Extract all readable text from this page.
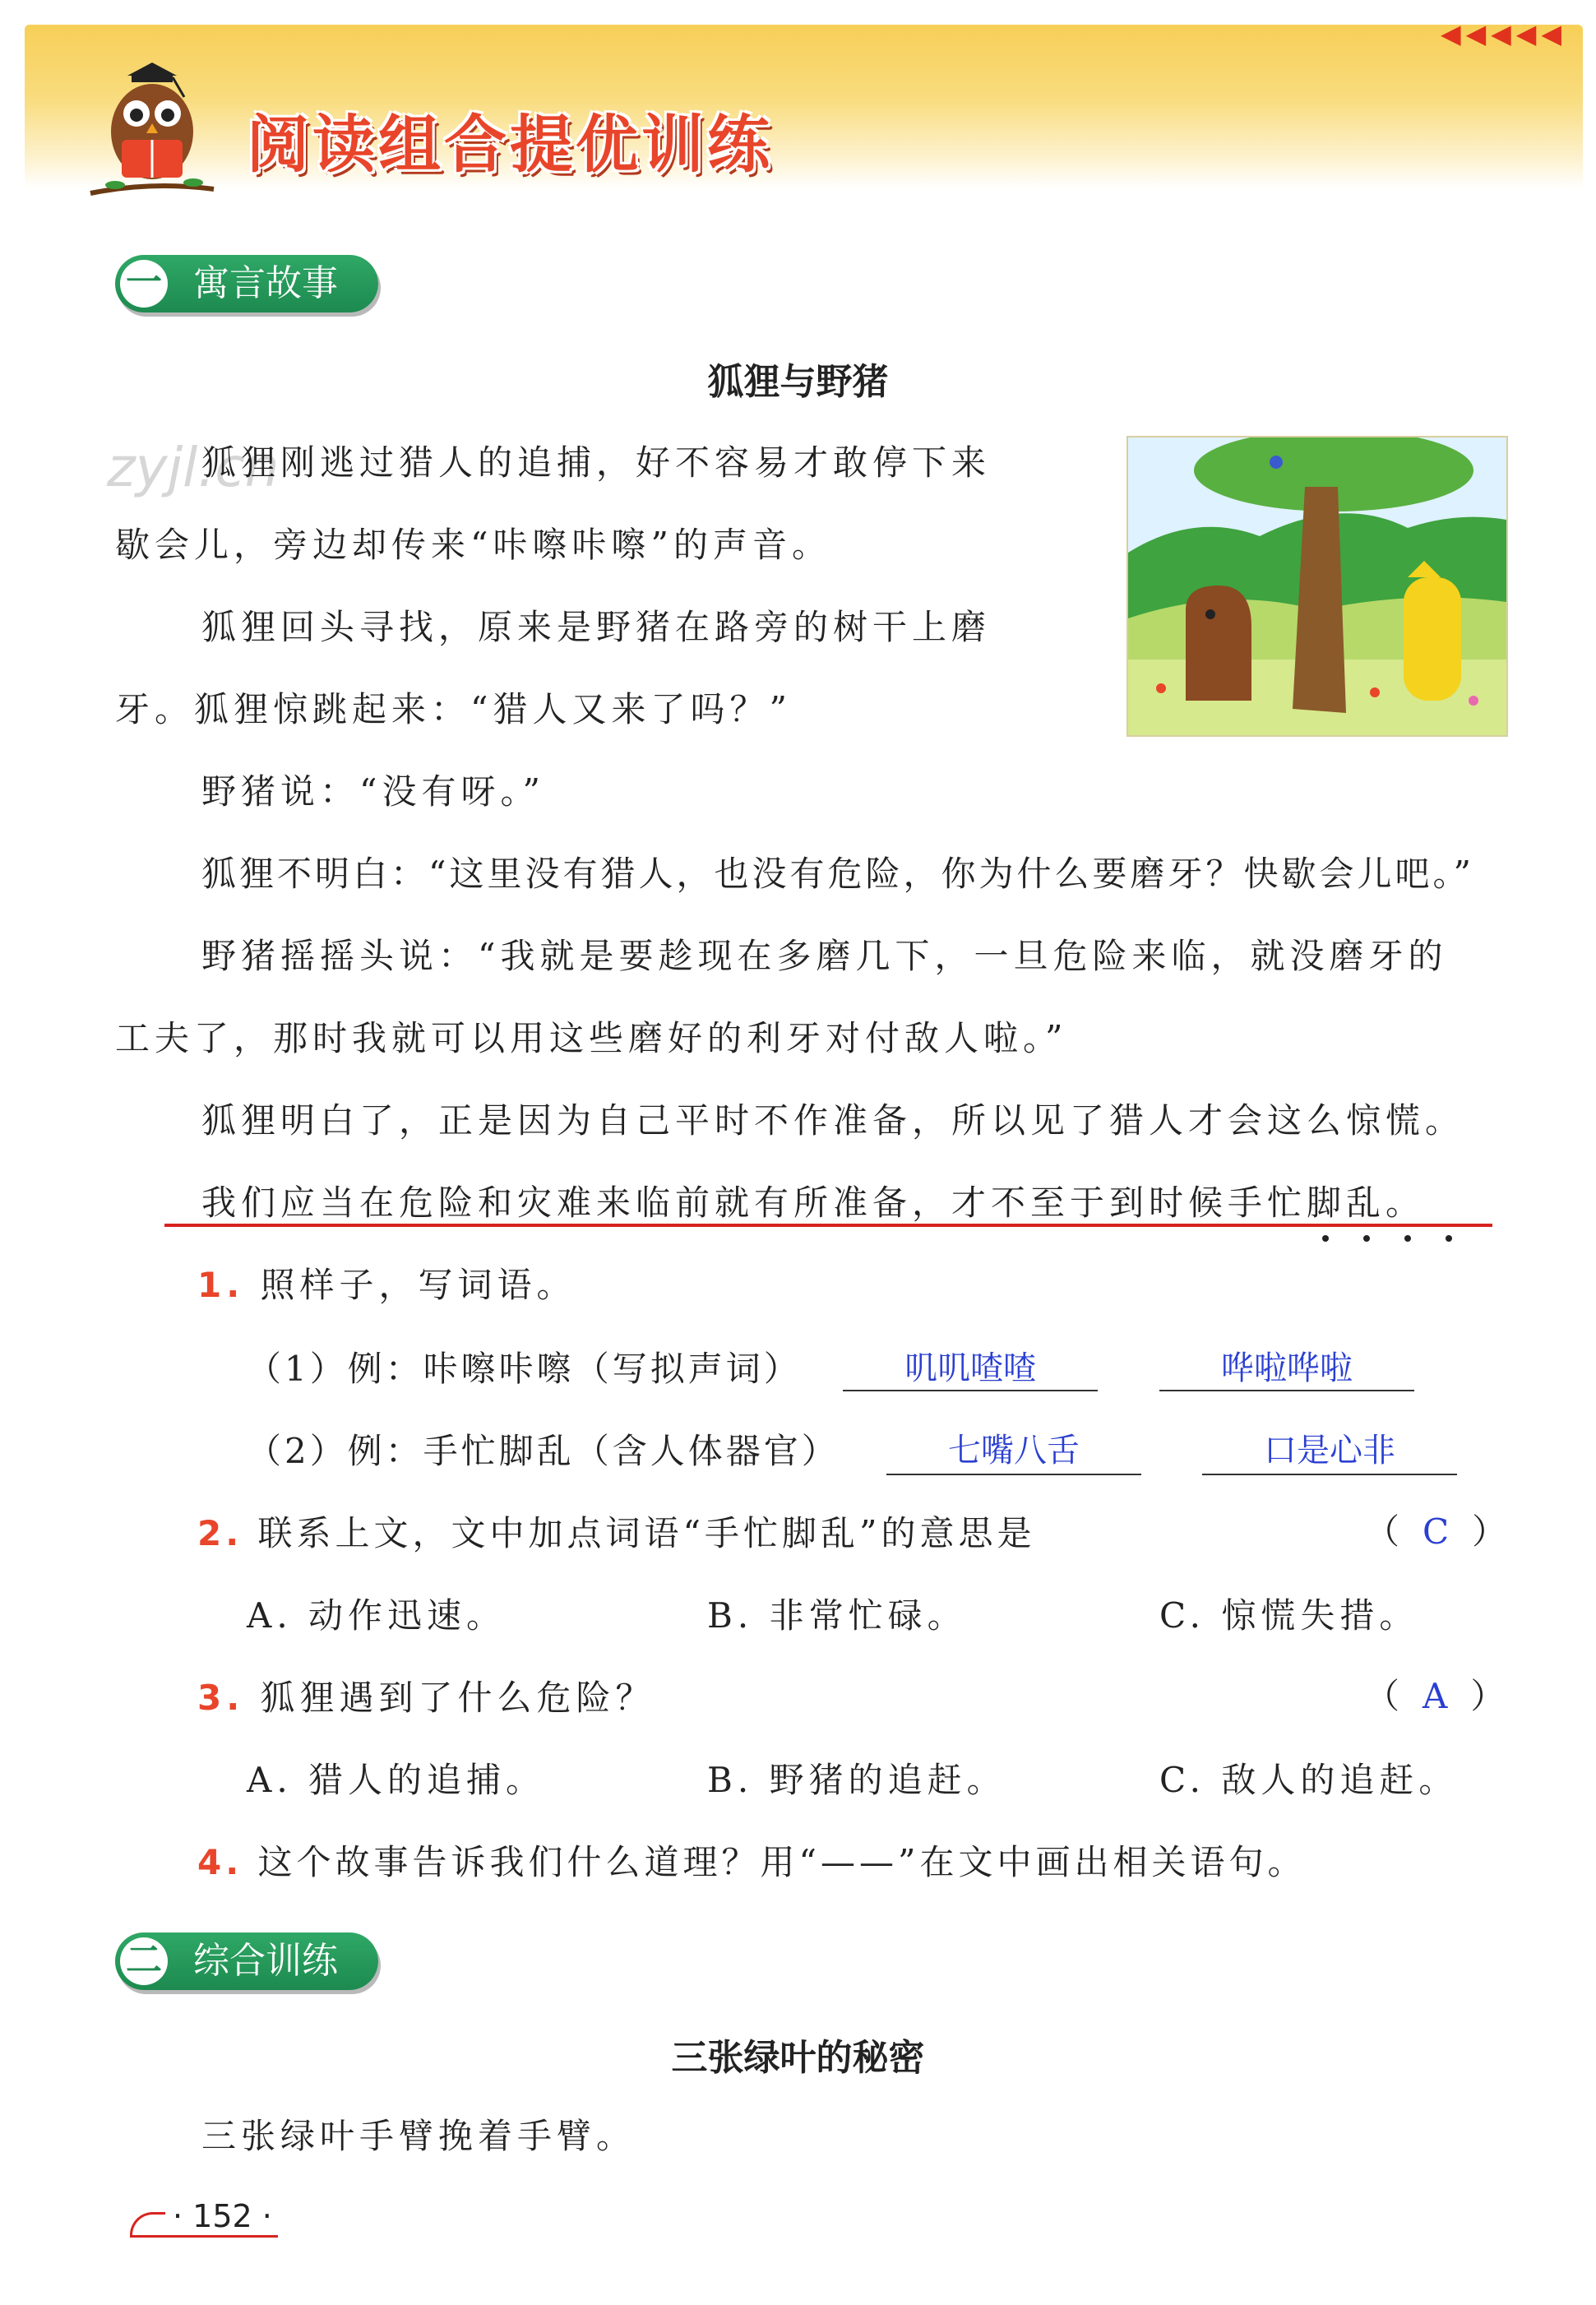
◀◀◀◀◀
阅读组合提优训练
一 寓言故事
狐狸与野猪
zyjl.cn
狐狸刚逃过猎人的追捕，好不容易才敢停下来
歇会儿，旁边却传来“咔嚓咔嚓”的声音。
狐狸回头寻找，原来是野猪在路旁的树干上磨
牙。狐狸惊跳起来：“猎人又来了吗？”
野猪说：“没有呀。”
狐狸不明白：“这里没有猎人，也没有危险，你为什么要磨牙？快歇会儿吧。”
野猪摇摇头说：“我就是要趁现在多磨几下，一旦危险来临，就没磨牙的
工夫了，那时我就可以用这些磨好的利牙对付敌人啦。”
狐狸明白了，正是因为自己平时不作准备，所以见了猎人才会这么惊慌。
我们应当在危险和灾难来临前就有所准备，才不至于到时候手忙脚乱。
1. 照样子，写词语。
（1）例：咔嚓咔嚓（写拟声词）	叽叽喳喳	哗啦哗啦
（2）例：手忙脚乱（含人体器官）	七嘴八舌	口是心非
2. 联系上文，文中加点词语“手忙脚乱”的意思是	（ C ）
A. 动作迅速。	B. 非常忙碌。	C. 惊慌失措。
3. 狐狸遇到了什么危险？	（ A ）
A. 猎人的追捕。	B. 野猪的追赶。	C. 敌人的追赶。
4. 这个故事告诉我们什么道理？用“——”在文中画出相关语句。
二 综合训练
三张绿叶的秘密
三张绿叶手臂挽着手臂。
· 152 ·
